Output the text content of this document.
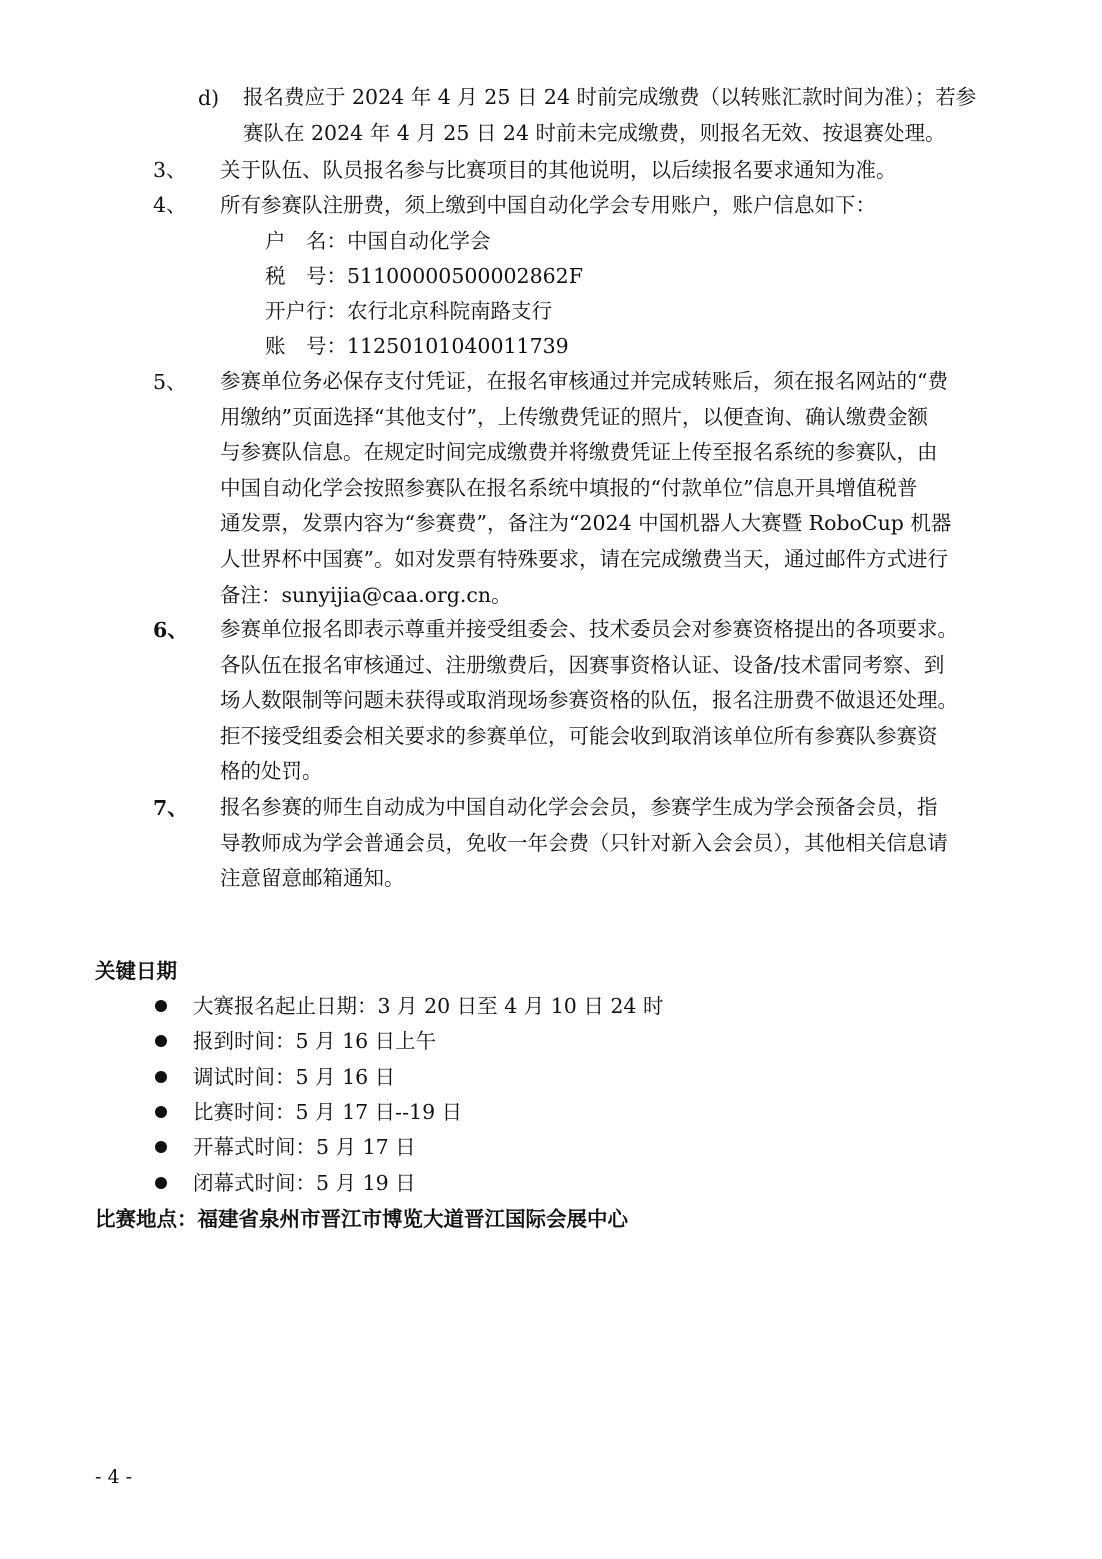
d) 报名费应于 2024 年 4 月 25 日 24 时前完成缴费（以转账汇款时间为准）；若参
赛队在 2024 年 4 月 25 日 24 时前未完成缴费，则报名无效、按退赛处理。
3、 关于队伍、队员报名参与比赛项目的其他说明，以后续报名要求通知为准。
4、 所有参赛队注册费，须上缴到中国自动化学会专用账户，账户信息如下：
户　名：中国自动化学会
税　号：51100000500002862F
开户行：农行北京科院南路支行
账　号：11250101040011739
5、 参赛单位务必保存支付凭证，在报名审核通过并完成转账后，须在报名网站的“费
用缴纳”页面选择“其他支付”，上传缴费凭证的照片，以便查询、确认缴费金额
与参赛队信息。在规定时间完成缴费并将缴费凭证上传至报名系统的参赛队，由
中国自动化学会按照参赛队在报名系统中填报的“付款单位”信息开具增值税普
通发票，发票内容为“参赛费”，备注为“2024 中国机器人大赛暨 RoboCup 机器
人世界杯中国赛”。如对发票有特殊要求，请在完成缴费当天，通过邮件方式进行
备注：sunyijia@caa.org.cn。
6、 参赛单位报名即表示尊重并接受组委会、技术委员会对参赛资格提出的各项要求。
各队伍在报名审核通过、注册缴费后，因赛事资格认证、设备/技术雷同考察、到
场人数限制等问题未获得或取消现场参赛资格的队伍，报名注册费不做退还处理。
拒不接受组委会相关要求的参赛单位，可能会收到取消该单位所有参赛队参赛资
格的处罚。
7、 报名参赛的师生自动成为中国自动化学会会员，参赛学生成为学会预备会员，指
导教师成为学会普通会员，免收一年会费（只针对新入会会员），其他相关信息请
注意留意邮箱通知。
关键日期
大赛报名起止日期：3 月 20 日至 4 月 10 日 24 时
报到时间：5 月 16 日上午
调试时间：5 月 16 日
比赛时间：5 月 17 日--19 日
开幕式时间：5 月 17 日
闭幕式时间：5 月 19 日
比赛地点：福建省泉州市晋江市博览大道晋江国际会展中心
- 4 -
